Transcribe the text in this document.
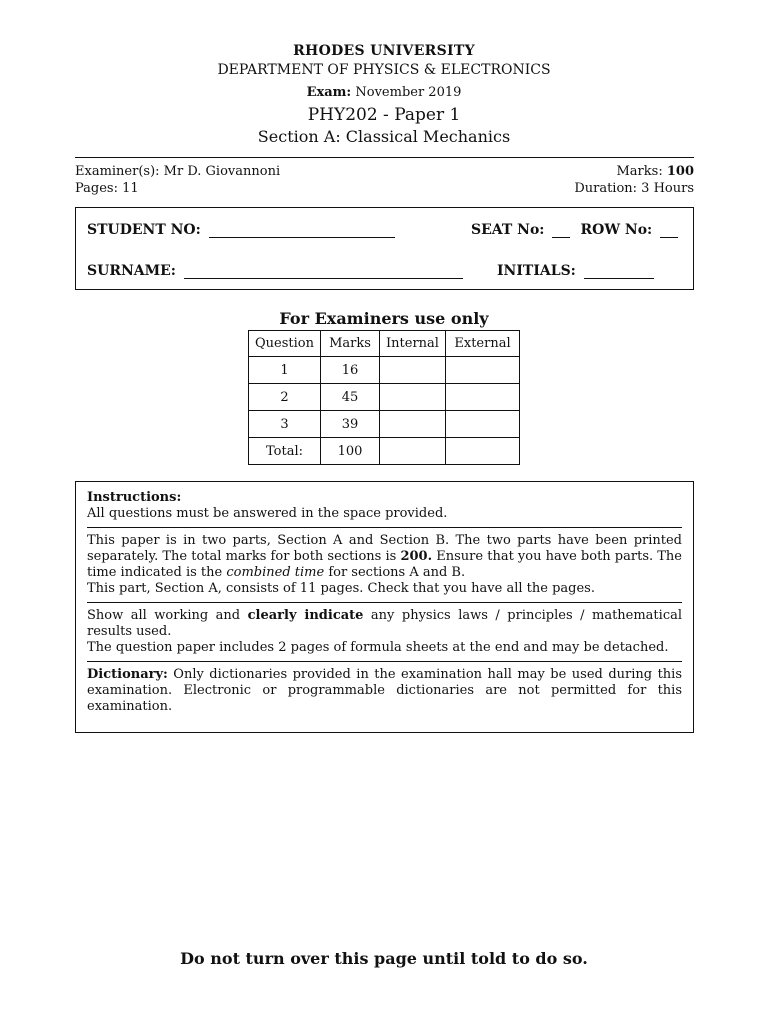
RHODES UNIVERSITY
DEPARTMENT OF PHYSICS & ELECTRONICS
Exam: November 2019
PHY202 - Paper 1
Section A: Classical Mechanics
Examiner(s): Mr D. Giovannoni
Pages: 11
Marks: 100
Duration: 3 Hours
STUDENT NO:	SEAT No:	ROW No:
SURNAME:	INITIALS:
For Examiners use only
Question	Marks	Internal	External
1	16		
2	45		
3	39		
Total:	100		
Instructions:
All questions must be answered in the space provided.
This paper is in two parts, Section A and Section B. The two parts have been printed separately. The total marks for both sections is 200. Ensure that you have both parts. The time indicated is the combined time for sections A and B.
This part, Section A, consists of 11 pages. Check that you have all the pages.
Show all working and clearly indicate any physics laws / principles / mathematical results used.
The question paper includes 2 pages of formula sheets at the end and may be detached.
Dictionary: Only dictionaries provided in the examination hall may be used during this examination. Electronic or programmable dictionaries are not permitted for this examination.
Do not turn over this page until told to do so.
